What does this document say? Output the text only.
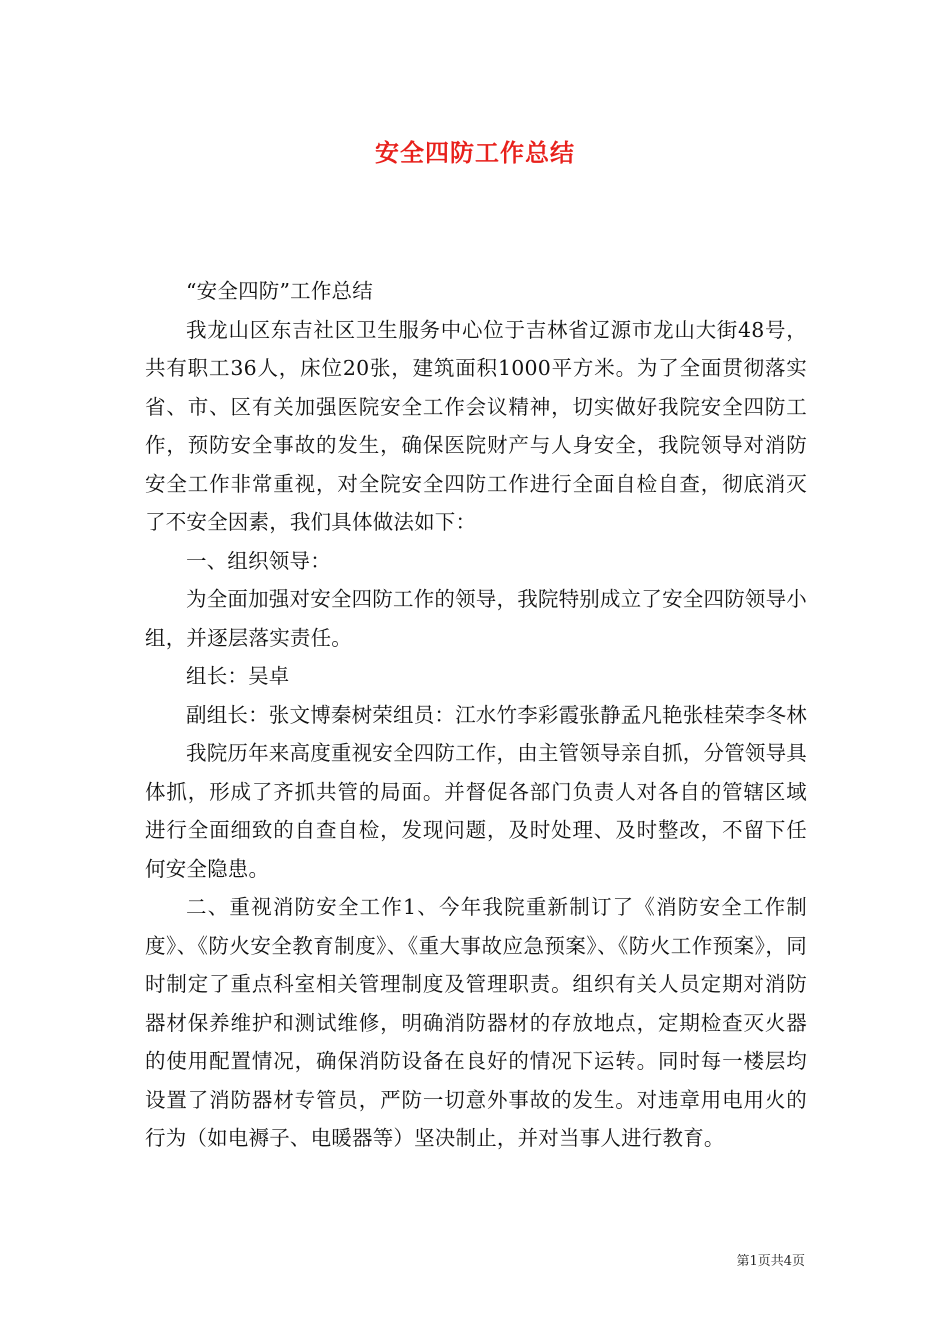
安全四防工作总结

“安全四防”工作总结

我龙山区东吉社区卫生服务中心位于吉林省辽源市龙山大街48号，共有职工36人，床位20张，建筑面积1000平方米。为了全面贯彻落实省、市、区有关加强医院安全工作会议精神，切实做好我院安全四防工作，预防安全事故的发生，确保医院财产与人身安全，我院领导对消防安全工作非常重视，对全院安全四防工作进行全面自检自查，彻底消灭了不安全因素，我们具体做法如下：

一、组织领导：

为全面加强对安全四防工作的领导，我院特别成立了安全四防领导小组，并逐层落实责任。

组长：吴卓

副组长：张文博秦树荣组员：江水竹李彩霞张静孟凡艳张桂荣李冬林

我院历年来高度重视安全四防工作，由主管领导亲自抓，分管领导具体抓，形成了齐抓共管的局面。并督促各部门负责人对各自的管辖区域进行全面细致的自查自检，发现问题，及时处理、及时整改，不留下任何安全隐患。

二、重视消防安全工作1、今年我院重新制订了《消防安全工作制度》、《防火安全教育制度》、《重大事故应急预案》、《防火工作预案》，同时制定了重点科室相关管理制度及管理职责。组织有关人员定期对消防器材保养维护和测试维修，明确消防器材的存放地点，定期检查灭火器的使用配置情况，确保消防设备在良好的情况下运转。同时每一楼层均设置了消防器材专管员，严防一切意外事故的发生。对违章用电用火的行为（如电褥子、电暖器等）坚决制止，并对当事人进行教育。

第1页共4页
